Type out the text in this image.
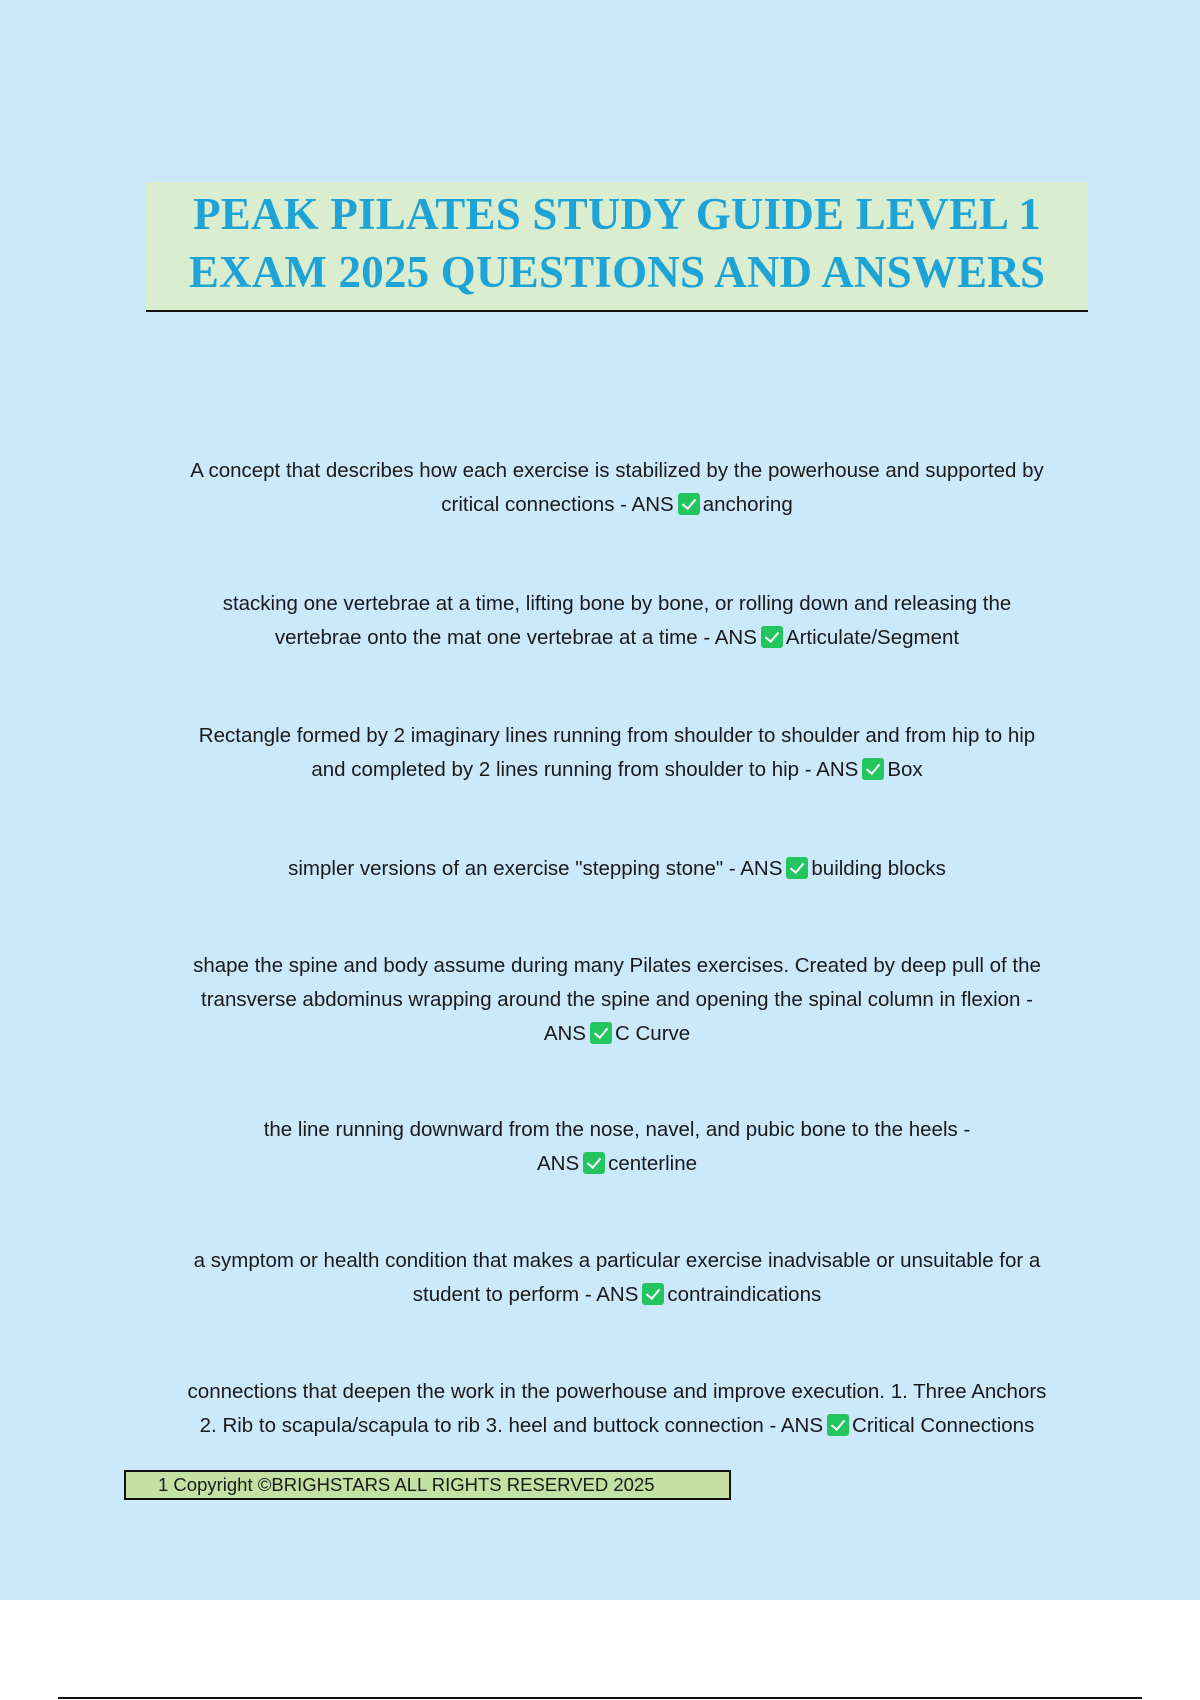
PEAK PILATES STUDY GUIDE LEVEL 1
EXAM 2025 QUESTIONS AND ANSWERS
A concept that describes how each exercise is stabilized by the powerhouse and supported by
critical connections - ANS anchoring
stacking one vertebrae at a time, lifting bone by bone, or rolling down and releasing the
vertebrae onto the mat one vertebrae at a time - ANS Articulate/Segment
Rectangle formed by 2 imaginary lines running from shoulder to shoulder and from hip to hip
and completed by 2 lines running from shoulder to hip - ANS Box
simpler versions of an exercise "stepping stone" - ANS building blocks
shape the spine and body assume during many Pilates exercises. Created by deep pull of the
transverse abdominus wrapping around the spine and opening the spinal column in flexion -
ANS C Curve
the line running downward from the nose, navel, and pubic bone to the heels -
ANS centerline
a symptom or health condition that makes a particular exercise inadvisable or unsuitable for a
student to perform - ANS contraindications
connections that deepen the work in the powerhouse and improve execution. 1. Three Anchors
2. Rib to scapula/scapula to rib 3. heel and buttock connection - ANS Critical Connections
1 Copyright ©BRIGHSTARS ALL RIGHTS RESERVED 2025
